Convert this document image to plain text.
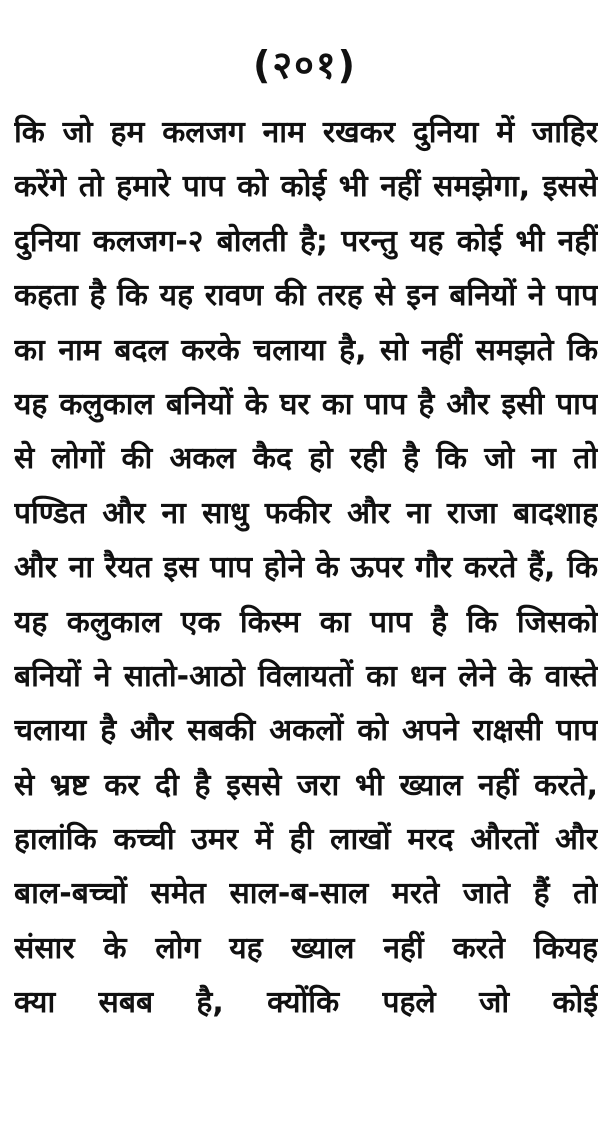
(२०१)
कि जो हम कलजग नाम रखकर दुनिया में जाहिर
करेंगे तो हमारे पाप को कोई भी नहीं समझेगा, इससे
दुनिया कलजग-२ बोलती है; परन्तु यह कोई भी नहीं
कहता है कि यह रावण की तरह से इन बनियों ने पाप
का नाम बदल करके चलाया है, सो नहीं समझते कि
यह कलुकाल बनियों के घर का पाप है और इसी पाप
से लोगों की अकल कैद हो रही है कि जो ना तो
पण्डित और ना साधु फकीर और ना राजा बादशाह
और ना रैयत इस पाप होने के ऊपर गौर करते हैं, कि
यह कलुकाल एक किस्म का पाप है कि जिसको
बनियों ने सातो-आठो विलायतों का धन लेने के वास्ते
चलाया है और सबकी अकलों को अपने राक्षसी पाप
से भ्रष्ट कर दी है इससे जरा भी ख्याल नहीं करते,
हालांकि कच्ची उमर में ही लाखों मरद औरतों और
बाल-बच्चों समेत साल-ब-साल मरते जाते हैं तो
संसार के लोग यह ख्याल नहीं करते कियह
क्या सबब है, क्योंकि पहले जो कोई
